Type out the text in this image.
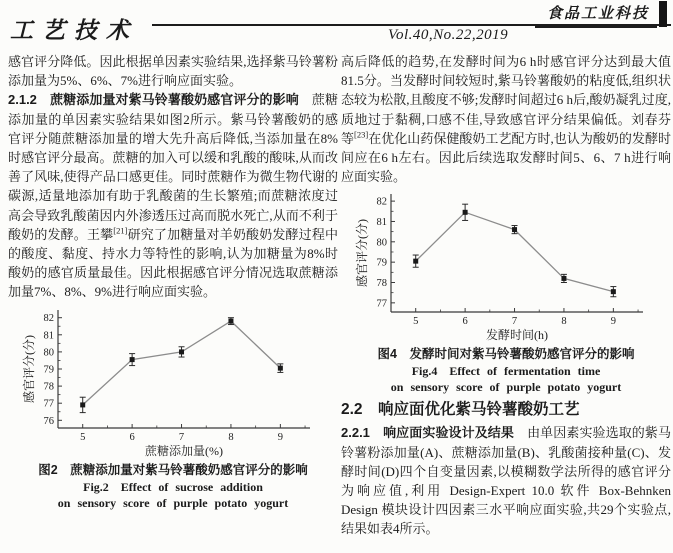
工艺技术
食品工业科技
Vol.40,No.22,2019

感官评分降低。因此根据单因素实验结果,选择紫马铃薯粉添加量为5%、6%、7%进行响应面实验。

2.1.2　蔗糖添加量对紫马铃薯酸奶感官评分的影响　蔗糖添加量的单因素实验结果如图2所示。紫马铃薯酸奶的感官评分随蔗糖添加量的增大先升高后降低,当添加量在8%时感官评分最高。蔗糖的加入可以缓和乳酸的酸味,从而改善了风味,使得产品口感更佳。同时蔗糖作为微生物代谢的碳源,适量地添加有助于乳酸菌的生长繁殖;而蔗糖浓度过高会导致乳酸菌因内外渗透压过高而脱水死亡,从而不利于酸奶的发酵。王攀[21]研究了加糖量对羊奶酸奶发酵过程中的酸度、黏度、持水力等特性的影响,认为加糖量为8%时酸奶的感官质量最佳。因此根据感官评分情况选取蔗糖添加量7%、8%、9%进行响应面实验。

76
77
78
79
80
81
82
5	6	7	8	9
蔗糖添加量(%)
感官评分(分)
图2　蔗糖添加量对紫马铃薯酸奶感官评分的影响
Fig.2　Effect of sucrose addition
on sensory score of purple potato yogurt

高后降低的趋势,在发酵时间为6 h时感官评分达到最大值81.5分。当发酵时间较短时,紫马铃薯酸奶的粘度低,组织状态较为松散,且酸度不够;发酵时间超过6 h后,酸奶凝乳过度,质地过于黏稠,口感不佳,导致感官评分结果偏低。刘春芬等[23]在优化山药保健酸奶工艺配方时,也认为酸奶的发酵时间应在6 h左右。因此后续选取发酵时间5、6、7 h进行响应面实验。

77
78
79
80
81
82
5	6	7	8	9
发酵时间(h)
感官评分(分)
图4　发酵时间对紫马铃薯酸奶感官评分的影响
Fig.4　Effect of fermentation time
on sensory score of purple potato yogurt
2.2　响应面优化紫马铃薯酸奶工艺

2.2.1　响应面实验设计及结果　由单因素实验选取的紫马铃薯粉添加量(A)、蔗糖添加量(B)、乳酸菌接种量(C)、发酵时间(D)四个自变量因素,以模糊数学法所得的感官评分为响应值,利用 Design-Expert 10.0 软件 Box-Behnken Design 模块设计四因素三水平响应面实验,共29个实验点,结果如表4所示。
